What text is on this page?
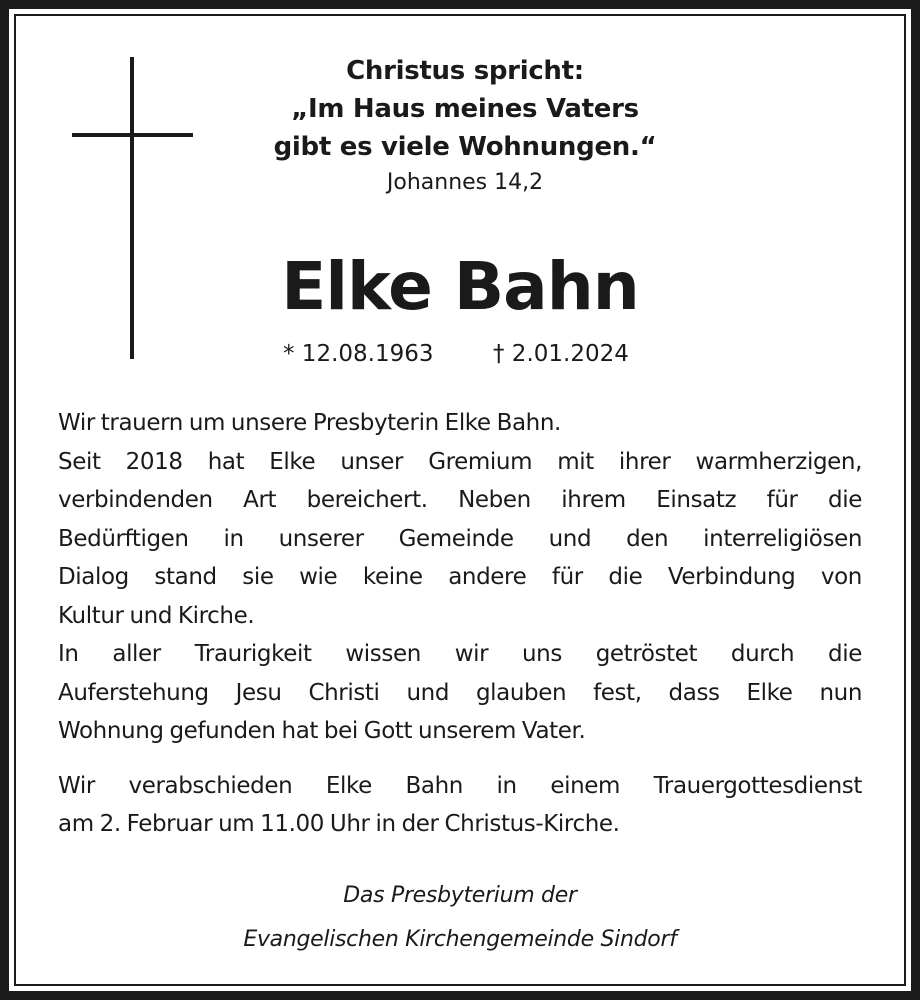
Christus spricht:
„Im Haus meines Vaters
gibt es viele Wohnungen.“
Johannes 14,2
Elke Bahn
* 12.08.1963	† 2.01.2024
Wir trauern um unsere Presbyterin Elke Bahn.
Seit 2018 hat Elke unser Gremium mit ihrer warmherzigen,
verbindenden Art bereichert. Neben ihrem Einsatz für die
Bedürftigen in unserer Gemeinde und den interreligiösen
Dialog stand sie wie keine andere für die Verbindung von
Kultur und Kirche.
In aller Traurigkeit wissen wir uns getröstet durch die
Auferstehung Jesu Christi und glauben fest, dass Elke nun
Wohnung gefunden hat bei Gott unserem Vater.
Wir verabschieden Elke Bahn in einem Trauergottesdienst
am 2. Februar um 11.00 Uhr in der Christus-Kirche.
Das Presbyterium der
Evangelischen Kirchengemeinde Sindorf
